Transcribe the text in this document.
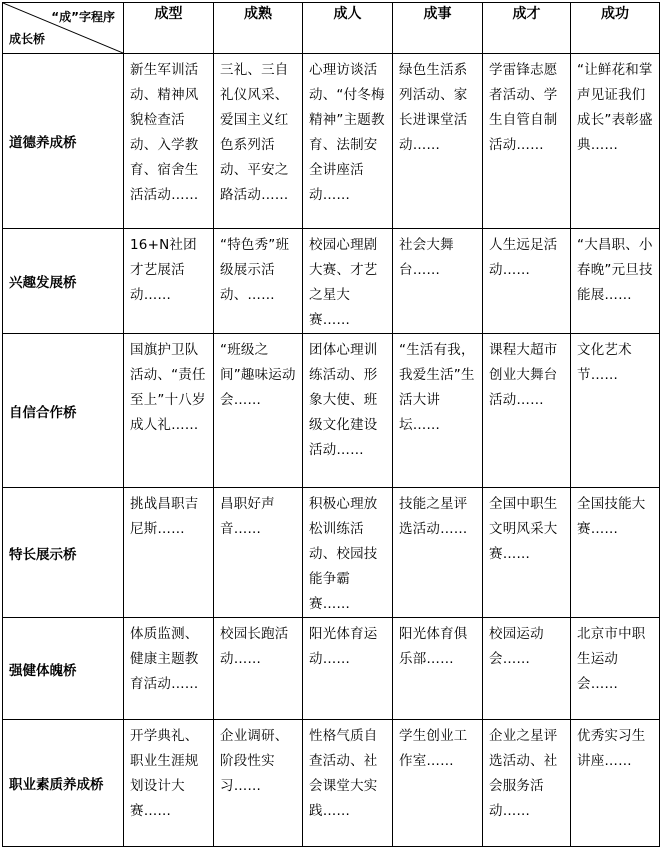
“成”字程序
成长桥	成型	成熟	成人	成事	成才	成功
道德养成桥	新生军训活动、精神风貌检查活动、入学教育、宿舍生活活动……	三礼、三自礼仪风采、爱国主义红色系列活动、平安之路活动……	心理访谈活动、“付冬梅精神”主题教育、法制安全讲座活动……	绿色生活系列活动、家长进课堂活动……	学雷锋志愿者活动、学生自管自制活动……	“让鲜花和掌声见证我们成长”表彰盛典……
兴趣发展桥	16+N社团才艺展活动……	“特色秀”班级展示活动、……	校园心理剧大赛、才艺之星大赛……	社会大舞台……	人生远足活动……	“大昌职、小春晚”元旦技能展……
自信合作桥	国旗护卫队活动、“责任至上”十八岁成人礼……	“班级之间”趣味运动会……	团体心理训练活动、形象大使、班级文化建设活动……	“生活有我，我爱生活”生活大讲坛……	课程大超市创业大舞台活动……	文化艺术节……
特长展示桥	挑战昌职吉尼斯……	昌职好声音……	积极心理放松训练活动、校园技能争霸赛……	技能之星评选活动……	全国中职生文明风采大赛……	全国技能大赛……
强健体魄桥	体质监测、健康主题教育活动……	校园长跑活动……	阳光体育运动……	阳光体育俱乐部……	校园运动会……	北京市中职生运动会……
职业素质养成桥	开学典礼、职业生涯规划设计大赛……	企业调研、阶段性实习……	性格气质自查活动、社会课堂大实践……	学生创业工作室……	企业之星评选活动、社会服务活动……	优秀实习生讲座……
